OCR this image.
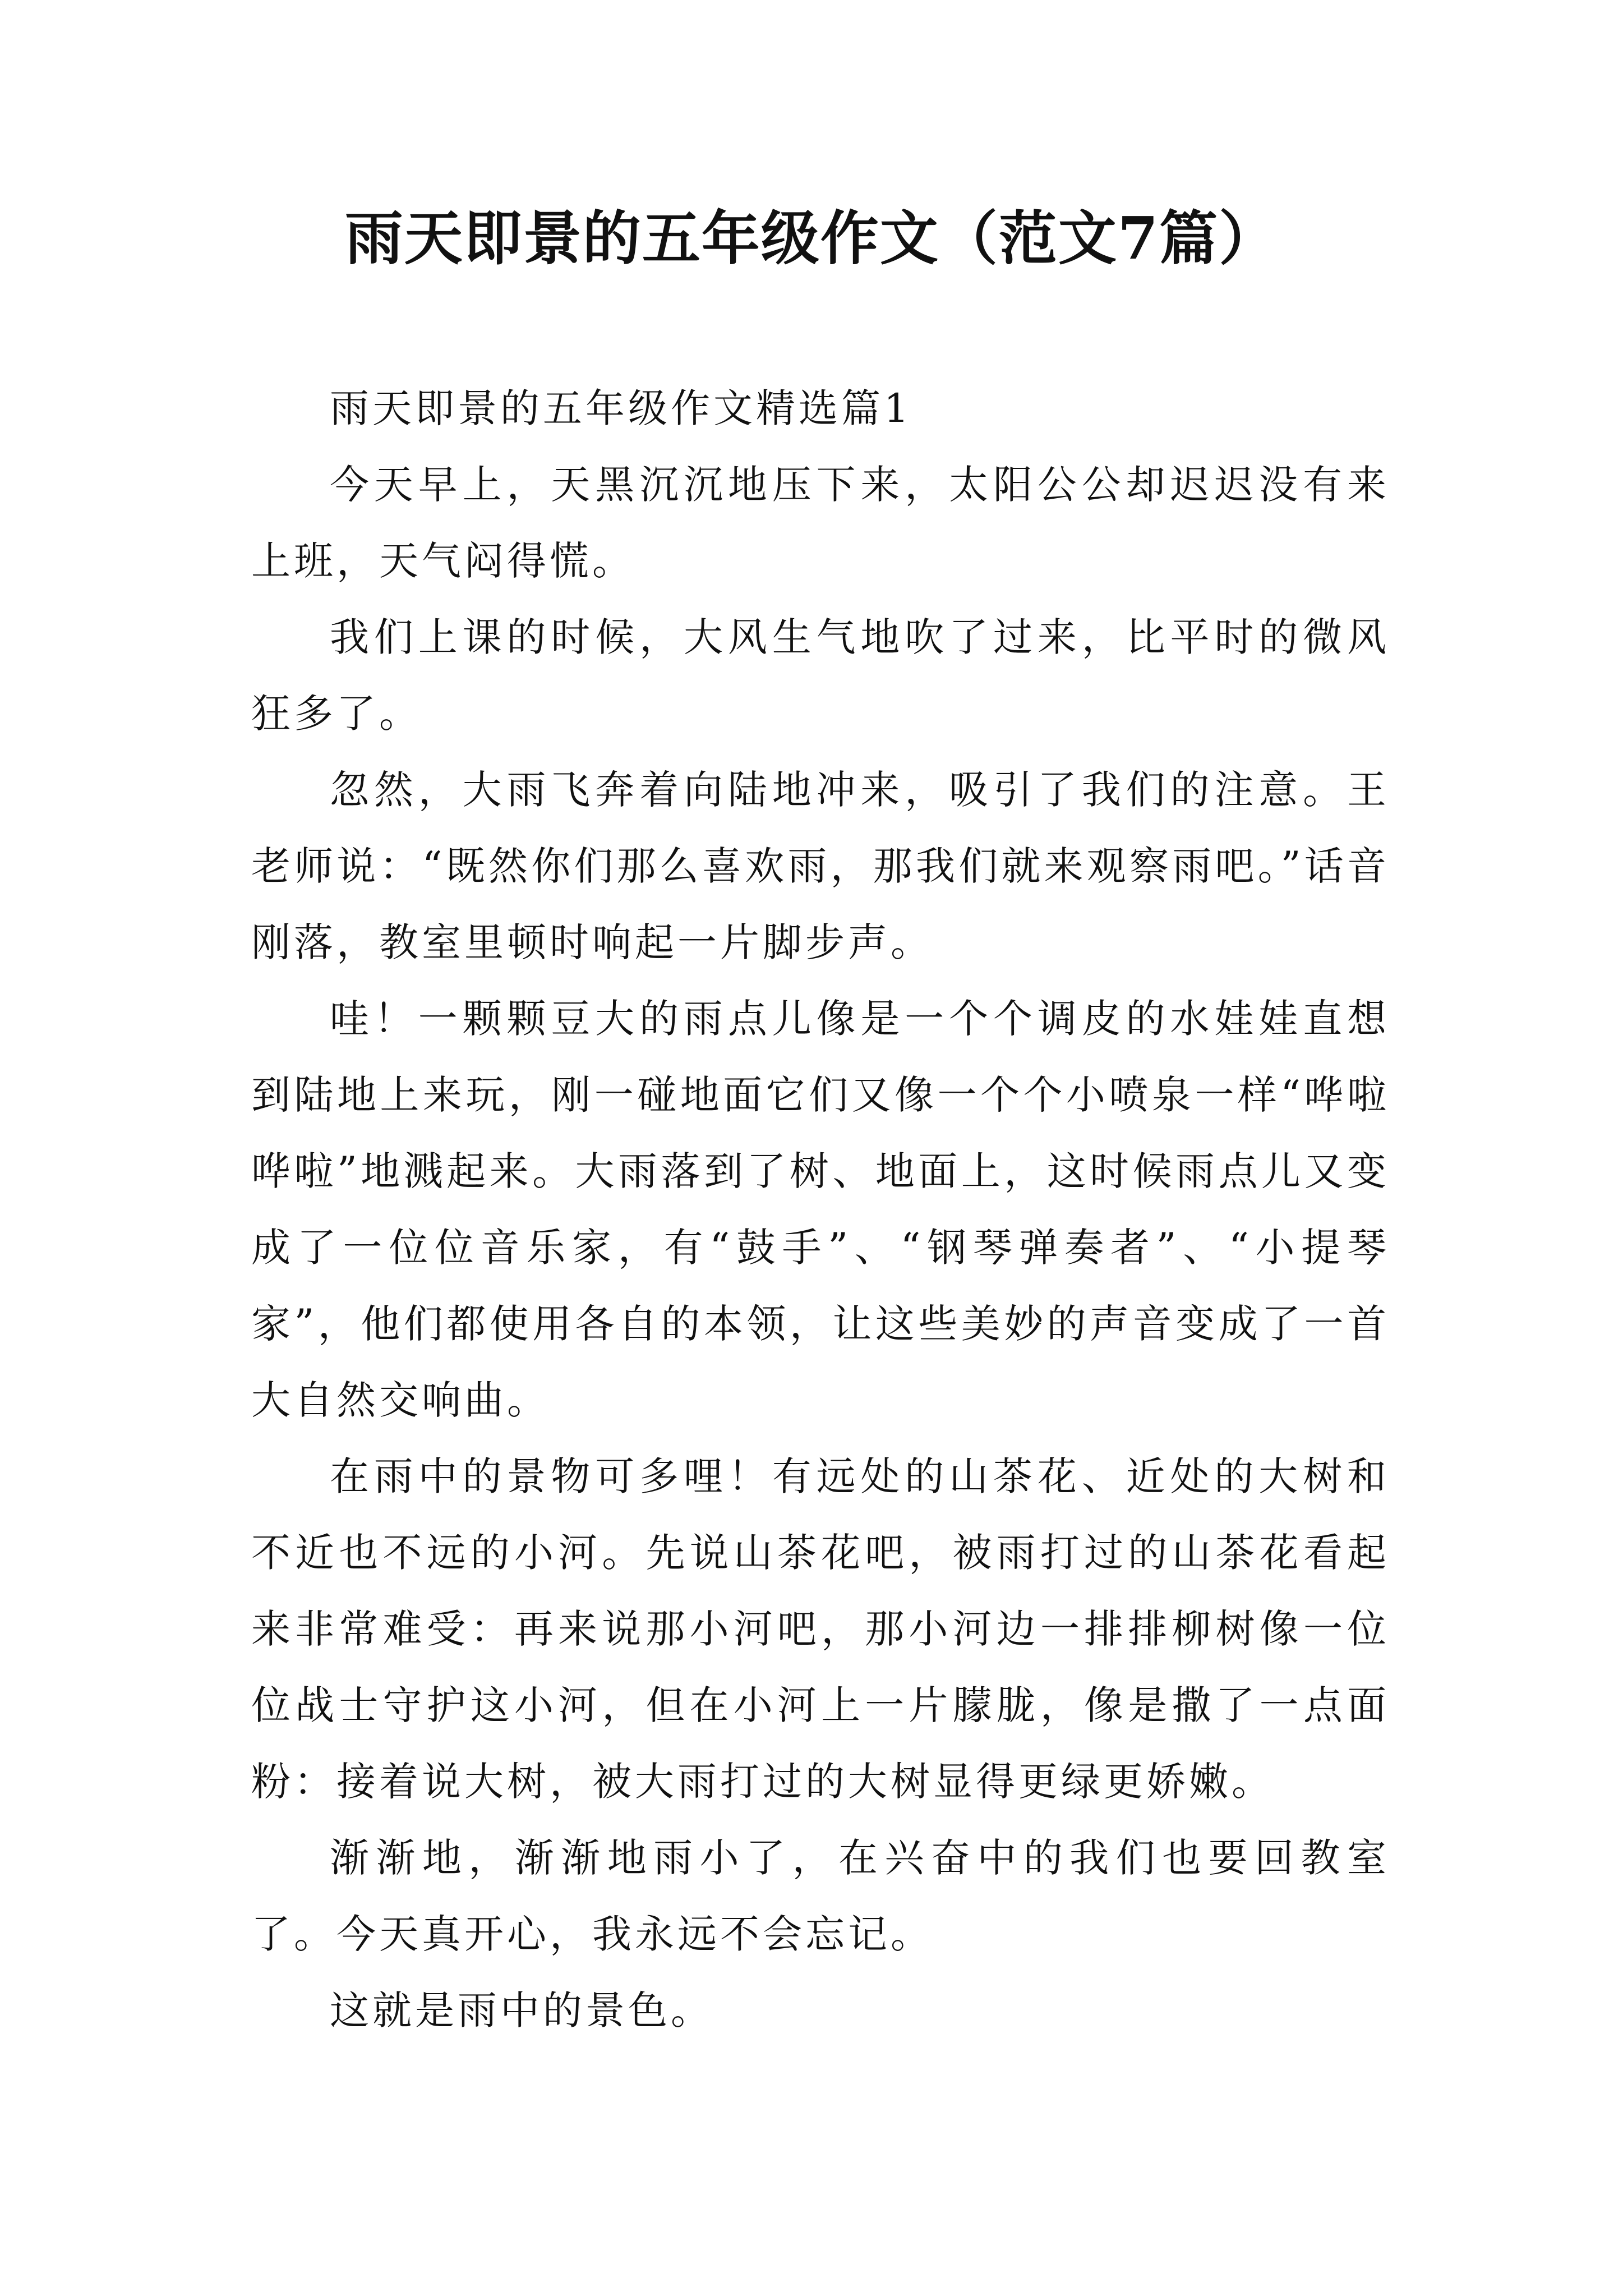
雨天即景的五年级作文（范文7篇）

雨天即景的五年级作文精选篇1

今天早上，天黑沉沉地压下来，太阳公公却迟迟没有来上班，天气闷得慌。

我们上课的时候，大风生气地吹了过来，比平时的微风狂多了。

忽然，大雨飞奔着向陆地冲来，吸引了我们的注意。王老师说：“既然你们那么喜欢雨，那我们就来观察雨吧。”话音刚落，教室里顿时响起一片脚步声。

哇！一颗颗豆大的雨点儿像是一个个调皮的水娃娃直想到陆地上来玩，刚一碰地面它们又像一个个小喷泉一样“哗啦哗啦”地溅起来。大雨落到了树、地面上，这时候雨点儿又变成了一位位音乐家，有“鼓手”、“钢琴弹奏者”、“小提琴家”，他们都使用各自的本领，让这些美妙的声音变成了一首大自然交响曲。

在雨中的景物可多哩！有远处的山茶花、近处的大树和不近也不远的小河。先说山茶花吧，被雨打过的山茶花看起来非常难受：再来说那小河吧，那小河边一排排柳树像一位位战士守护这小河，但在小河上一片朦胧，像是撒了一点面粉：接着说大树，被大雨打过的大树显得更绿更娇嫩。

渐渐地，渐渐地雨小了，在兴奋中的我们也要回教室了。今天真开心，我永远不会忘记。

这就是雨中的景色。
